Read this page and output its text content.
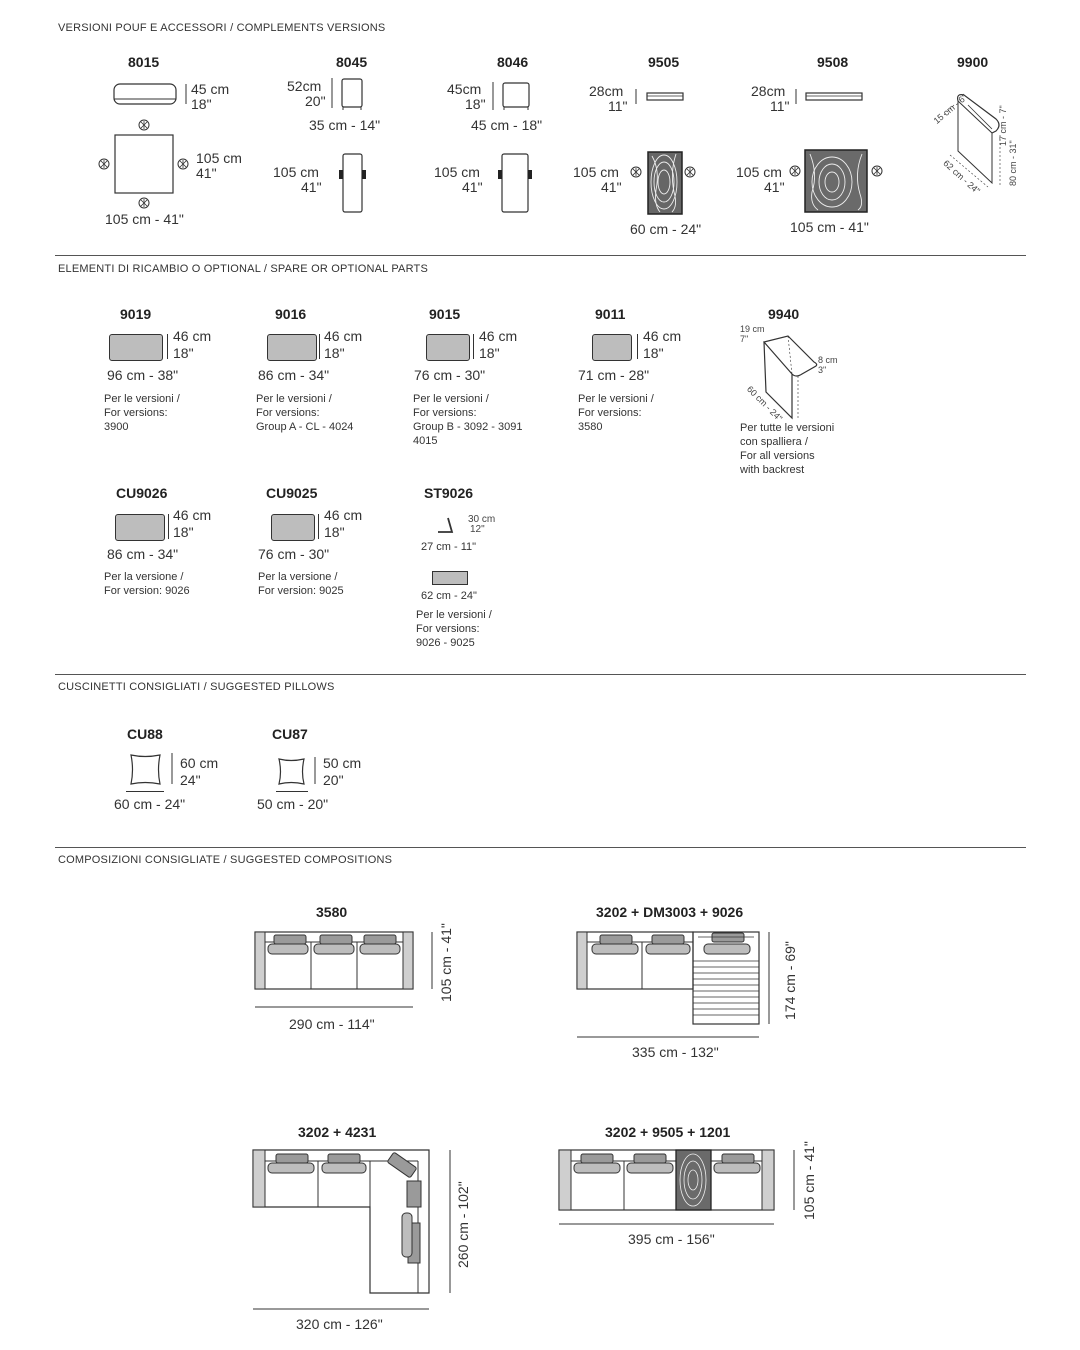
VERSIONI POUF E ACCESSORI / COMPLEMENTS VERSIONS
8015
45 cm
18"
105 cm
41"
105 cm - 41"
8045
52cm
20"
35 cm - 14"
105 cm
41"
8046
45cm
18"
45 cm - 18"
105 cm
41"
9505
28cm
11"
105 cm
41"
60 cm - 24"
9508
28cm
11"
105 cm
41"
105 cm - 41"
9900
15 cm - 6"	17 cm - 7"
80 cm - 31"
62 cm - 24"
ELEMENTI DI RICAMBIO O OPTIONAL / SPARE OR OPTIONAL PARTS
9019
46 cm
18"
96 cm - 38"
Per le versioni /
For versions:
3900
9016
46 cm
18"
86 cm - 34"
Per le versioni /
For versions:
Group A - CL - 4024
9015
46 cm
18"
76 cm - 30"
Per le versioni /
For versions:
Group B - 3092 - 3091
4015
9011
46 cm
18"
71 cm - 28"
Per le versioni /
For versions:
3580
9940
19 cm
7"
8 cm
3"
60 cm - 24"
Per tutte le versioni
con spalliera /
For all versions
with backrest
CU9026
46 cm
18"
86 cm - 34"
Per la versione /
For version: 9026
CU9025
46 cm
18"
76 cm - 30"
Per la versione /
For version: 9025
ST9026
30 cm
12"
27 cm - 11"
62 cm - 24"
Per le versioni /
For versions:
9026 - 9025
CUSCINETTI CONSIGLIATI / SUGGESTED PILLOWS
CU88
60 cm
24"
60 cm - 24"
CU87
50 cm
20"
50 cm - 20"
COMPOSIZIONI CONSIGLIATE / SUGGESTED COMPOSITIONS
3580
290 cm - 114"
105 cm - 41"
3202 + DM3003 + 9026
335 cm - 132"
174 cm - 69"
3202 + 4231
320 cm - 126"
260 cm - 102"
3202 + 9505 + 1201
395 cm - 156"
105 cm - 41"
